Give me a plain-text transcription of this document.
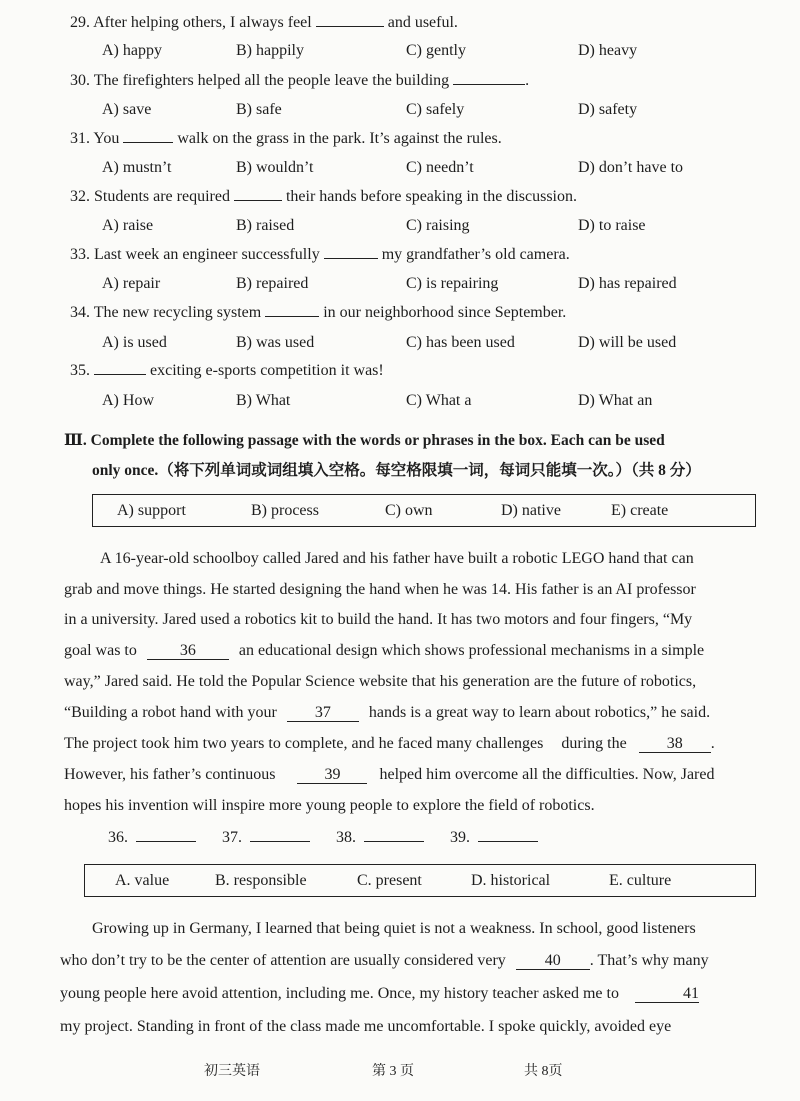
29. After helping others, I always feel	and useful.
A) happy	B) happily	C) gently	D) heavy
30. The firefighters helped all the people leave the building	.
A) save	B) safe	C) safely	D) safety
31. You	walk on the grass in the park. It’s against the rules.
A) mustn’t	B) wouldn’t	C) needn’t	D) don’t have to
32. Students are required	their hands before speaking in the discussion.
A) raise	B) raised	C) raising	D) to raise
33. Last week an engineer successfully	my grandfather’s old camera.
A) repair	B) repaired	C) is repairing	D) has repaired
34. The new recycling system	in our neighborhood since September.
A) is used	B) was used	C) has been used	D) will be used
35.	exciting e-sports competition it was!
A) How	B) What	C) What a	D) What an
Ⅲ. Complete the following passage with the words or phrases in the box. Each can be used
only once.（将下列单词或词组填入空格。每空格限填一词，每词只能填一次。）（共 8 分）
A) support	B) process	C) own	D) native	E) create
A 16-year-old schoolboy called Jared and his father have built a robotic LEGO hand that can
grab and move things. He started designing the hand when he was 14. His father is an AI professor
in a university. Jared used a robotics kit to build the hand. It has two motors and four fingers, “My
goal was to	36	an educational design which shows professional mechanisms in a simple
way,” Jared said. He told the Popular Science website that his generation are the future of robotics,
“Building a robot hand with your 37 hands is a great way to learn about robotics,” he said.
The project took him two years to complete, and he faced many challenges during the	38 .
However, his father’s continuous	39 helped him overcome all the difficulties. Now, Jared
hopes his invention will inspire more young people to explore the field of robotics.
36.	37.	38.	39.
A. value	B. responsible	C. present	D. historical	E. culture
Growing up in Germany, I learned that being quiet is not a weakness. In school, good listeners
who don’t try to be the center of attention are usually considered very 40 . That’s why many
young people here avoid attention, including me. Once, my history teacher asked me to	41
my project. Standing in front of the class made me uncomfortable. I spoke quickly, avoided eye
初三英语	第 3 页	共 8页
